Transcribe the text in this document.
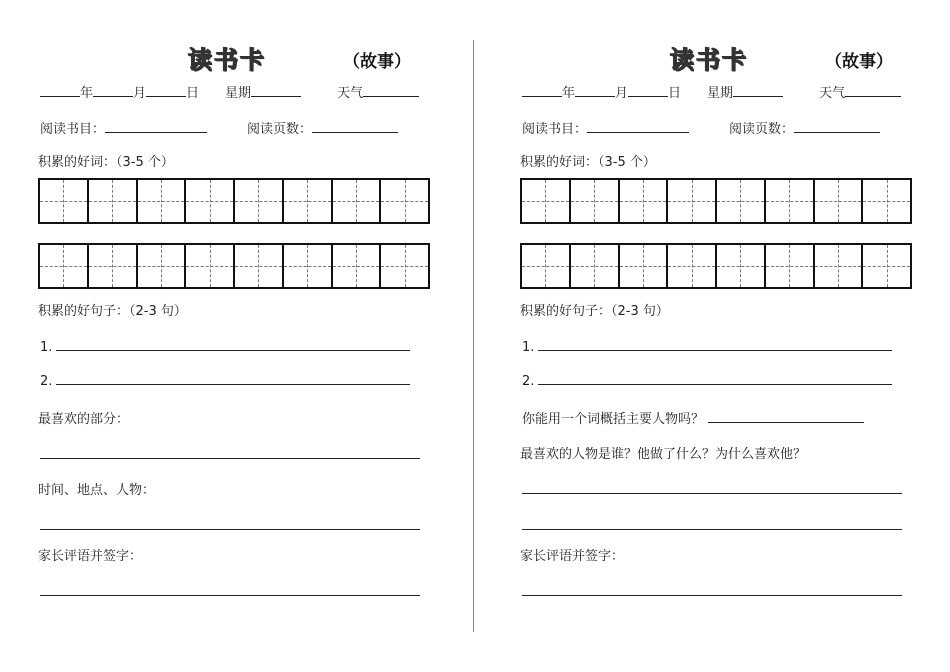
读书卡	（故事）
年	月	日 星期	天气
阅读书目：	阅读页数：
积累的好词：（3-5 个）
积累的好句子：（2-3 句）
1.
2.
最喜欢的部分：
时间、地点、人物：
家长评语并签字：
读书卡	（故事）
年	月	日 星期	天气
阅读书目：	阅读页数：
积累的好词：（3-5 个）
积累的好句子：（2-3 句）
1.
2.
你能用一个词概括主要人物吗？
最喜欢的人物是谁？他做了什么？为什么喜欢他？
家长评语并签字：
